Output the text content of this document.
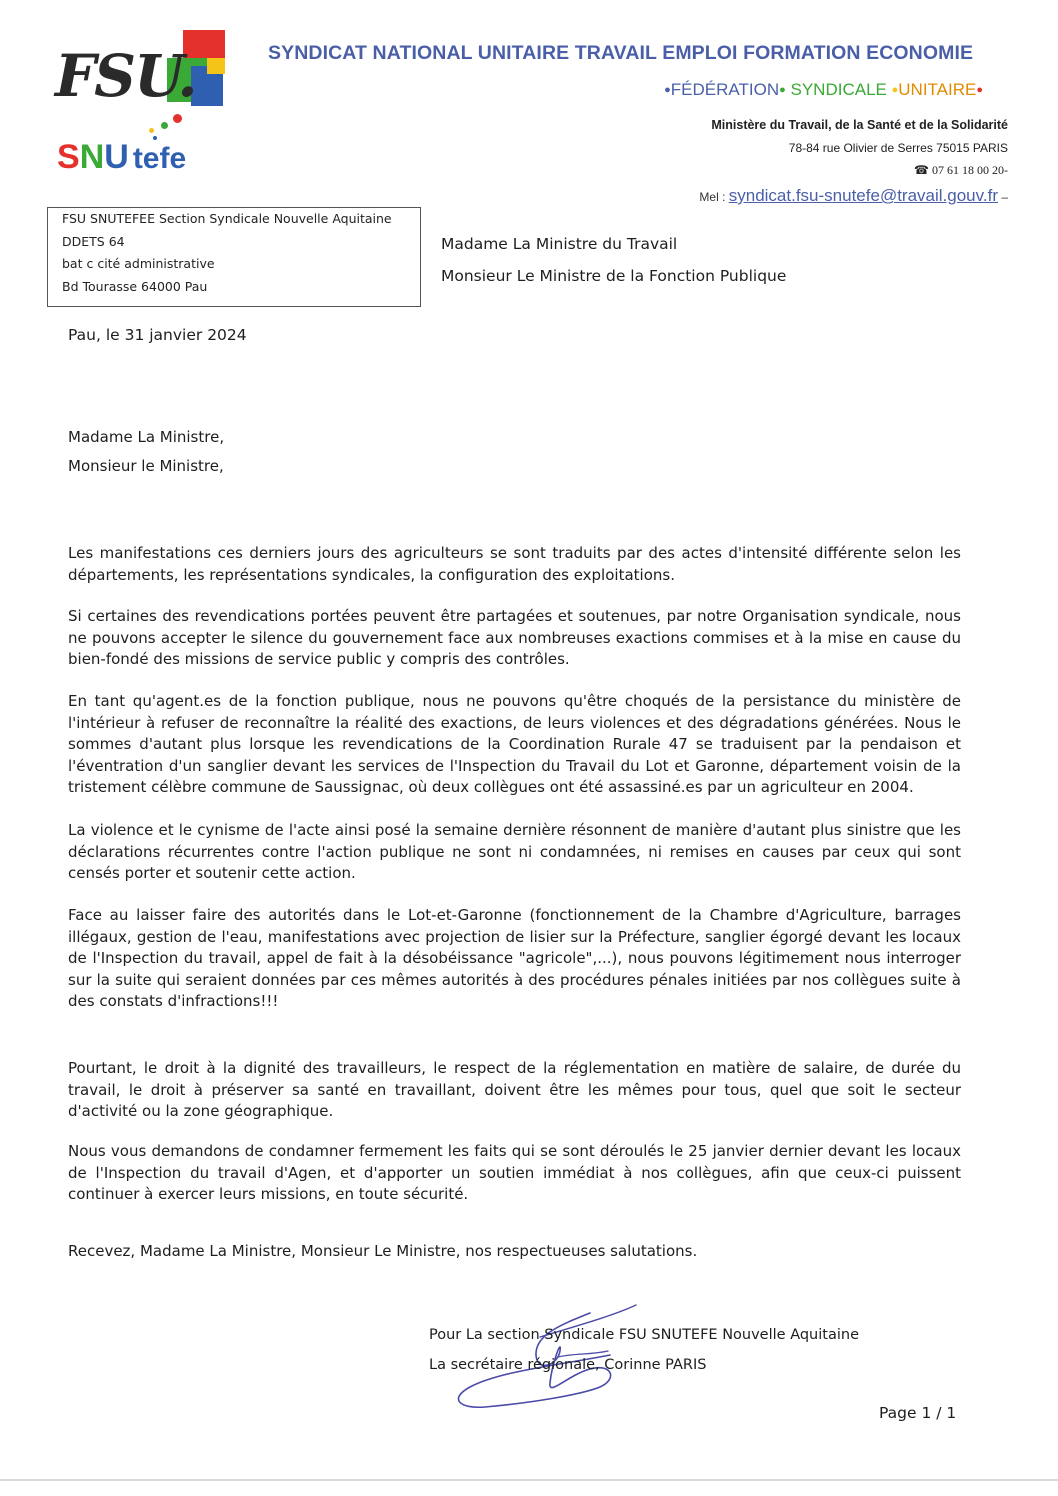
FSU.
SNU tefe
SYNDICAT NATIONAL UNITAIRE TRAVAIL EMPLOI FORMATION ECONOMIE
●FÉDÉRATION● SYNDICALE ●UNITAIRE●
Ministère du Travail, de la Santé et de la Solidarité
78-84 rue Olivier de Serres 75015 PARIS
☎ 07 61 18 00 20-
Mel : syndicat.fsu-snutefe@travail.gouv.fr –
FSU SNUTEFEE Section Syndicale Nouvelle Aquitaine
DDETS 64
bat c cité administrative
Bd Tourasse 64000 Pau
Madame La Ministre du Travail
Monsieur Le Ministre de la Fonction Publique
Pau, le 31 janvier 2024
Madame La Ministre,
Monsieur le Ministre,
Les manifestations ces derniers jours des agriculteurs se sont traduits par des actes d'intensité différente selon les départements, les représentations syndicales, la configuration des exploitations.
Si certaines des revendications portées peuvent être partagées et soutenues, par notre Organisation syndicale, nous ne pouvons accepter le silence du gouvernement face aux nombreuses exactions commises et à la mise en cause du bien-fondé des missions de service public y compris des contrôles.
En tant qu'agent.es de la fonction publique, nous ne pouvons qu'être choqués de la persistance du ministère de l'intérieur à refuser de reconnaître la réalité des exactions, de leurs violences et des dégradations générées. Nous le sommes d'autant plus lorsque les revendications de la Coordination Rurale 47 se traduisent par la pendaison et l'éventration d'un sanglier devant les services de l'Inspection du Travail du Lot et Garonne, département voisin de la tristement célèbre commune de Saussignac, où deux collègues ont été assassiné.es par un agriculteur en 2004.
La violence et le cynisme de l'acte ainsi posé la semaine dernière résonnent de manière d'autant plus sinistre que les déclarations récurrentes contre l'action publique ne sont ni condamnées, ni remises en causes par ceux qui sont censés porter et soutenir cette action.
Face au laisser faire des autorités dans le Lot-et-Garonne (fonctionnement de la Chambre d'Agriculture, barrages illégaux, gestion de l'eau, manifestations avec projection de lisier sur la Préfecture, sanglier égorgé devant les locaux de l'Inspection du travail, appel de fait à la désobéissance "agricole",...), nous pouvons légitimement nous interroger sur la suite qui seraient données par ces mêmes autorités à des procédures pénales initiées par nos collègues suite à des constats d'infractions!!!
Pourtant, le droit à la dignité des travailleurs, le respect de la réglementation en matière de salaire, de durée du travail, le droit à préserver sa santé en travaillant, doivent être les mêmes pour tous, quel que soit le secteur d'activité ou la zone géographique.
Nous vous demandons de condamner fermement les faits qui se sont déroulés le 25 janvier dernier devant les locaux de l'Inspection du travail d'Agen, et d'apporter un soutien immédiat à nos collègues, afin que ceux-ci puissent continuer à exercer leurs missions, en toute sécurité.
Recevez, Madame La Ministre, Monsieur Le Ministre, nos respectueuses salutations.
Pour La section Syndicale FSU SNUTEFE Nouvelle Aquitaine
La secrétaire régionale, Corinne PARIS
Page 1 / 1
